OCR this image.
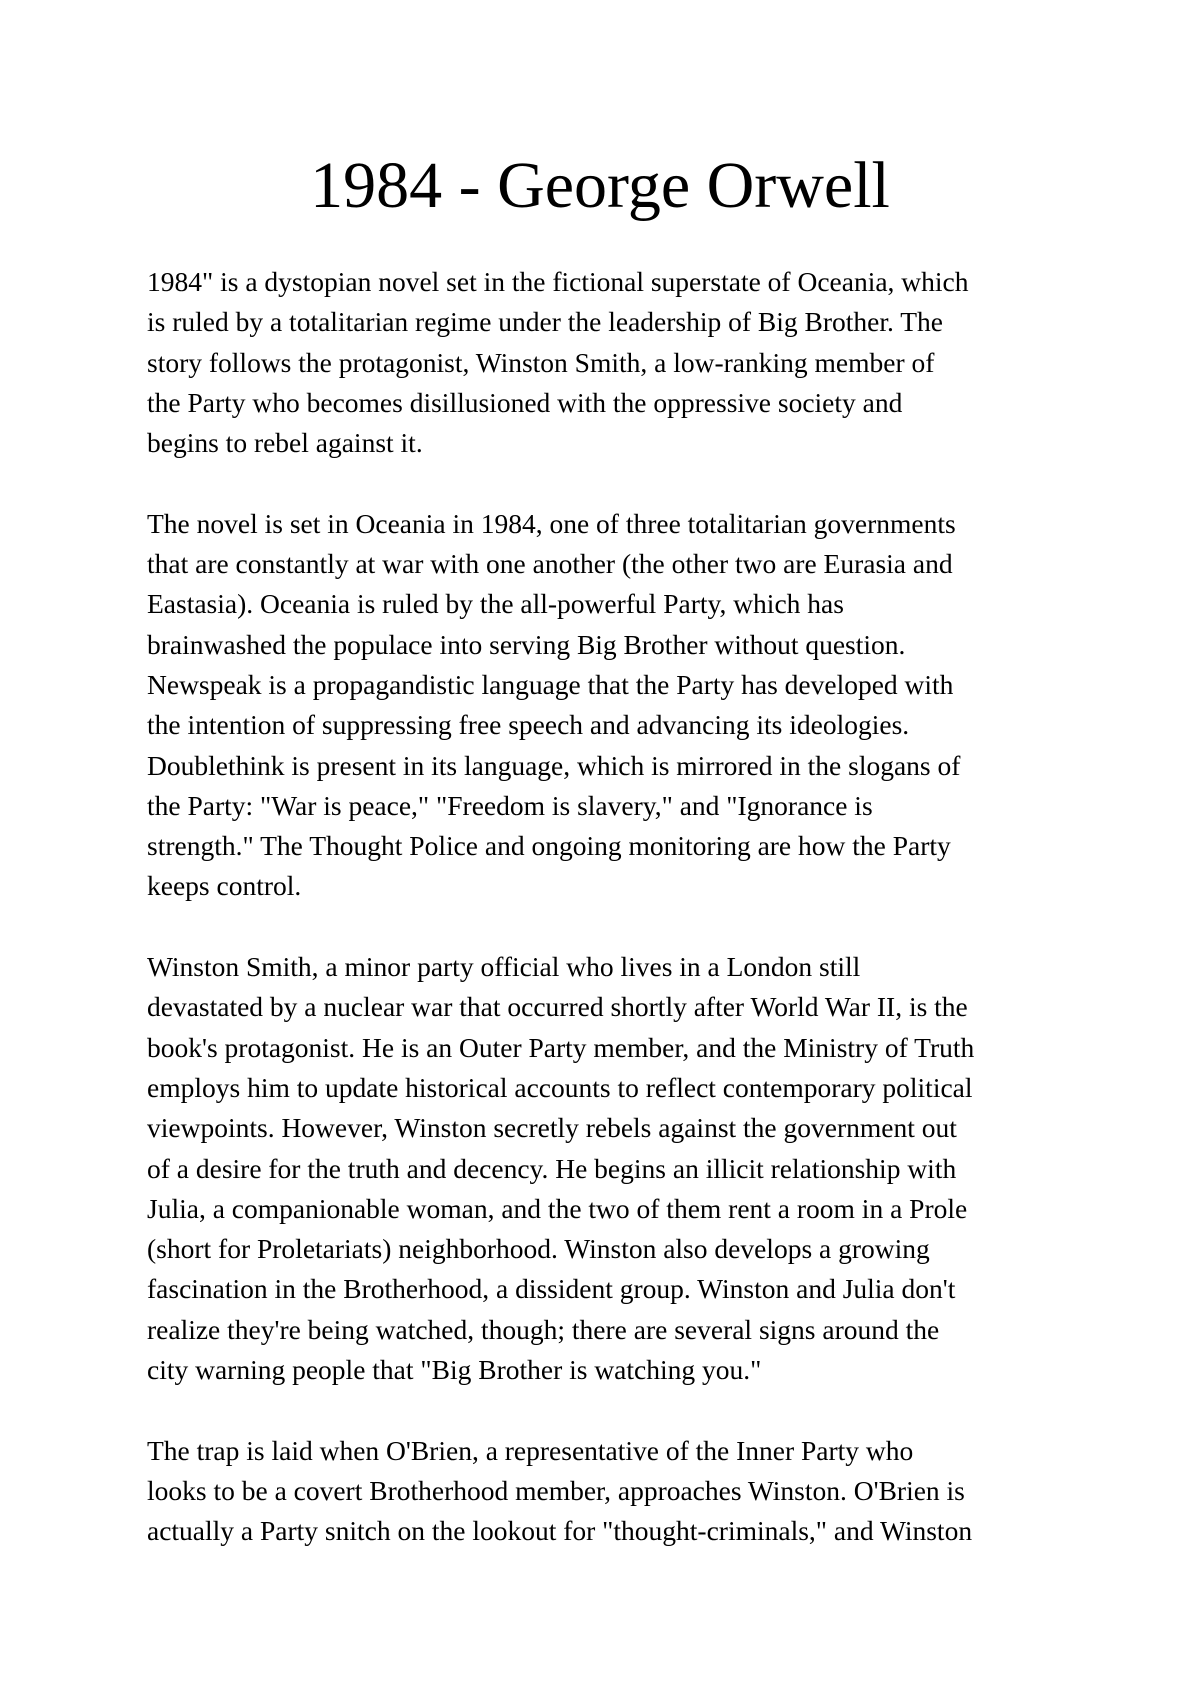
1984 - George Orwell

1984" is a dystopian novel set in the fictional superstate of Oceania, which
is ruled by a totalitarian regime under the leadership of Big Brother. The
story follows the protagonist, Winston Smith, a low-ranking member of
the Party who becomes disillusioned with the oppressive society and
begins to rebel against it.

The novel is set in Oceania in 1984, one of three totalitarian governments
that are constantly at war with one another (the other two are Eurasia and
Eastasia). Oceania is ruled by the all-powerful Party, which has
brainwashed the populace into serving Big Brother without question.
Newspeak is a propagandistic language that the Party has developed with
the intention of suppressing free speech and advancing its ideologies.
Doublethink is present in its language, which is mirrored in the slogans of
the Party: "War is peace," "Freedom is slavery," and "Ignorance is
strength." The Thought Police and ongoing monitoring are how the Party
keeps control.

Winston Smith, a minor party official who lives in a London still
devastated by a nuclear war that occurred shortly after World War II, is the
book's protagonist. He is an Outer Party member, and the Ministry of Truth
employs him to update historical accounts to reflect contemporary political
viewpoints. However, Winston secretly rebels against the government out
of a desire for the truth and decency. He begins an illicit relationship with
Julia, a companionable woman, and the two of them rent a room in a Prole
(short for Proletariats) neighborhood. Winston also develops a growing
fascination in the Brotherhood, a dissident group. Winston and Julia don't
realize they're being watched, though; there are several signs around the
city warning people that "Big Brother is watching you."

The trap is laid when O'Brien, a representative of the Inner Party who
looks to be a covert Brotherhood member, approaches Winston. O'Brien is
actually a Party snitch on the lookout for "thought-criminals," and Winston
